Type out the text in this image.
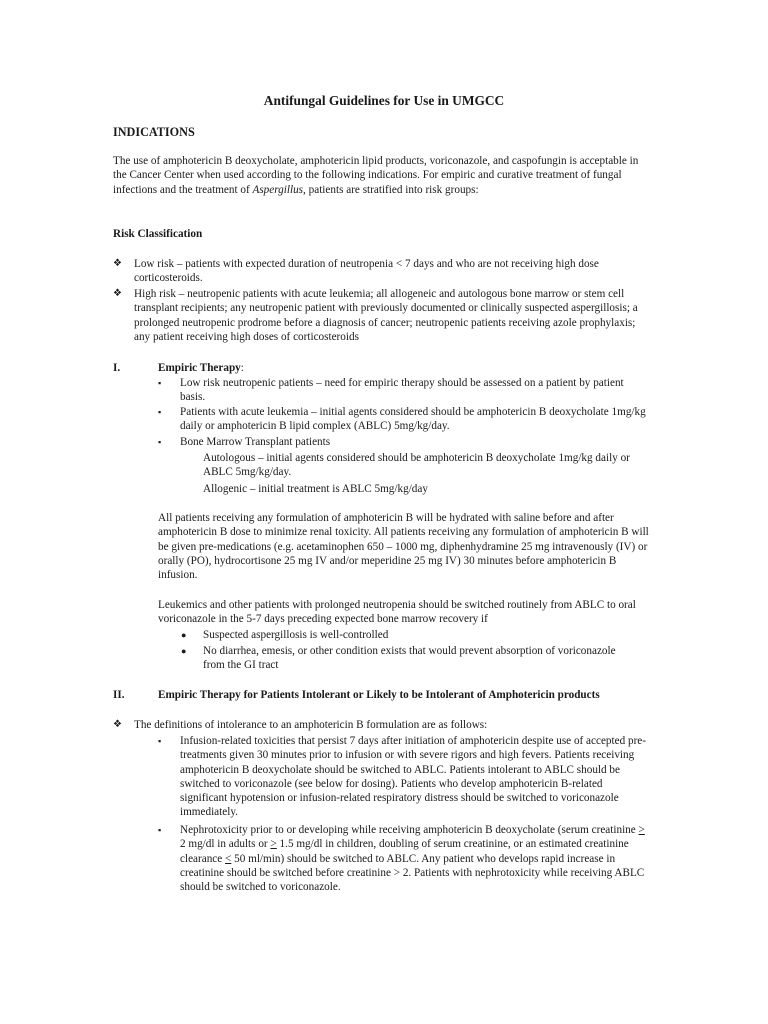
Antifungal Guidelines for Use in UMGCC
INDICATIONS

The use of amphotericin B deoxycholate, amphotericin lipid products, voriconazole, and caspofungin is acceptable in the Cancer Center when used according to the following indications. For empiric and curative treatment of fungal infections and the treatment of Aspergillus, patients are stratified into risk groups:

Risk Classification
❖ Low risk – patients with expected duration of neutropenia < 7 days and who are not receiving high dose corticosteroids.

❖ High risk – neutropenic patients with acute leukemia; all allogeneic and autologous bone marrow or stem cell transplant recipients; any neutropenic patient with previously documented or clinically suspected aspergillosis; a prolonged neutropenic prodrome before a diagnosis of cancer; neutropenic patients receiving azole prophylaxis; any patient receiving high doses of corticosteroids

I.	Empiric Therapy:
▪ Low risk neutropenic patients – need for empiric therapy should be assessed on a patient by patient basis.

▪ Patients with acute leukemia – initial agents considered should be amphotericin B deoxycholate 1mg/kg daily or amphotericin B lipid complex (ABLC) 5mg/kg/day.

▪ Bone Marrow Transplant patients

Autologous – initial agents considered should be amphotericin B deoxycholate 1mg/kg daily or ABLC 5mg/kg/day.

Allogenic – initial treatment is ABLC 5mg/kg/day

All patients receiving any formulation of amphotericin B will be hydrated with saline before and after amphotericin B dose to minimize renal toxicity. All patients receiving any formulation of amphotericin B will be given pre-medications (e.g. acetaminophen 650 – 1000 mg, diphenhydramine 25 mg intravenously (IV) or orally (PO), hydrocortisone 25 mg IV and/or meperidine 25 mg IV) 30 minutes before amphotericin B infusion.

Leukemics and other patients with prolonged neutropenia should be switched routinely from ABLC to oral voriconazole in the 5-7 days preceding expected bone marrow recovery if

● Suspected aspergillosis is well-controlled

● No diarrhea, emesis, or other condition exists that would prevent absorption of voriconazole from the GI tract

II.	Empiric Therapy for Patients Intolerant or Likely to be Intolerant of Amphotericin products
❖ The definitions of intolerance to an amphotericin B formulation are as follows:

▪ Infusion-related toxicities that persist 7 days after initiation of amphotericin despite use of accepted pre-treatments given 30 minutes prior to infusion or with severe rigors and high fevers. Patients receiving amphotericin B deoxycholate should be switched to ABLC. Patients intolerant to ABLC should be switched to voriconazole (see below for dosing). Patients who develop amphotericin B-related significant hypotension or infusion-related respiratory distress should be switched to voriconazole immediately.

▪ Nephrotoxicity prior to or developing while receiving amphotericin B deoxycholate (serum creatinine > 2 mg/dl in adults or > 1.5 mg/dl in children, doubling of serum creatinine, or an estimated creatinine clearance < 50 ml/min) should be switched to ABLC. Any patient who develops rapid increase in creatinine should be switched before creatinine > 2. Patients with nephrotoxicity while receiving ABLC should be switched to voriconazole.
